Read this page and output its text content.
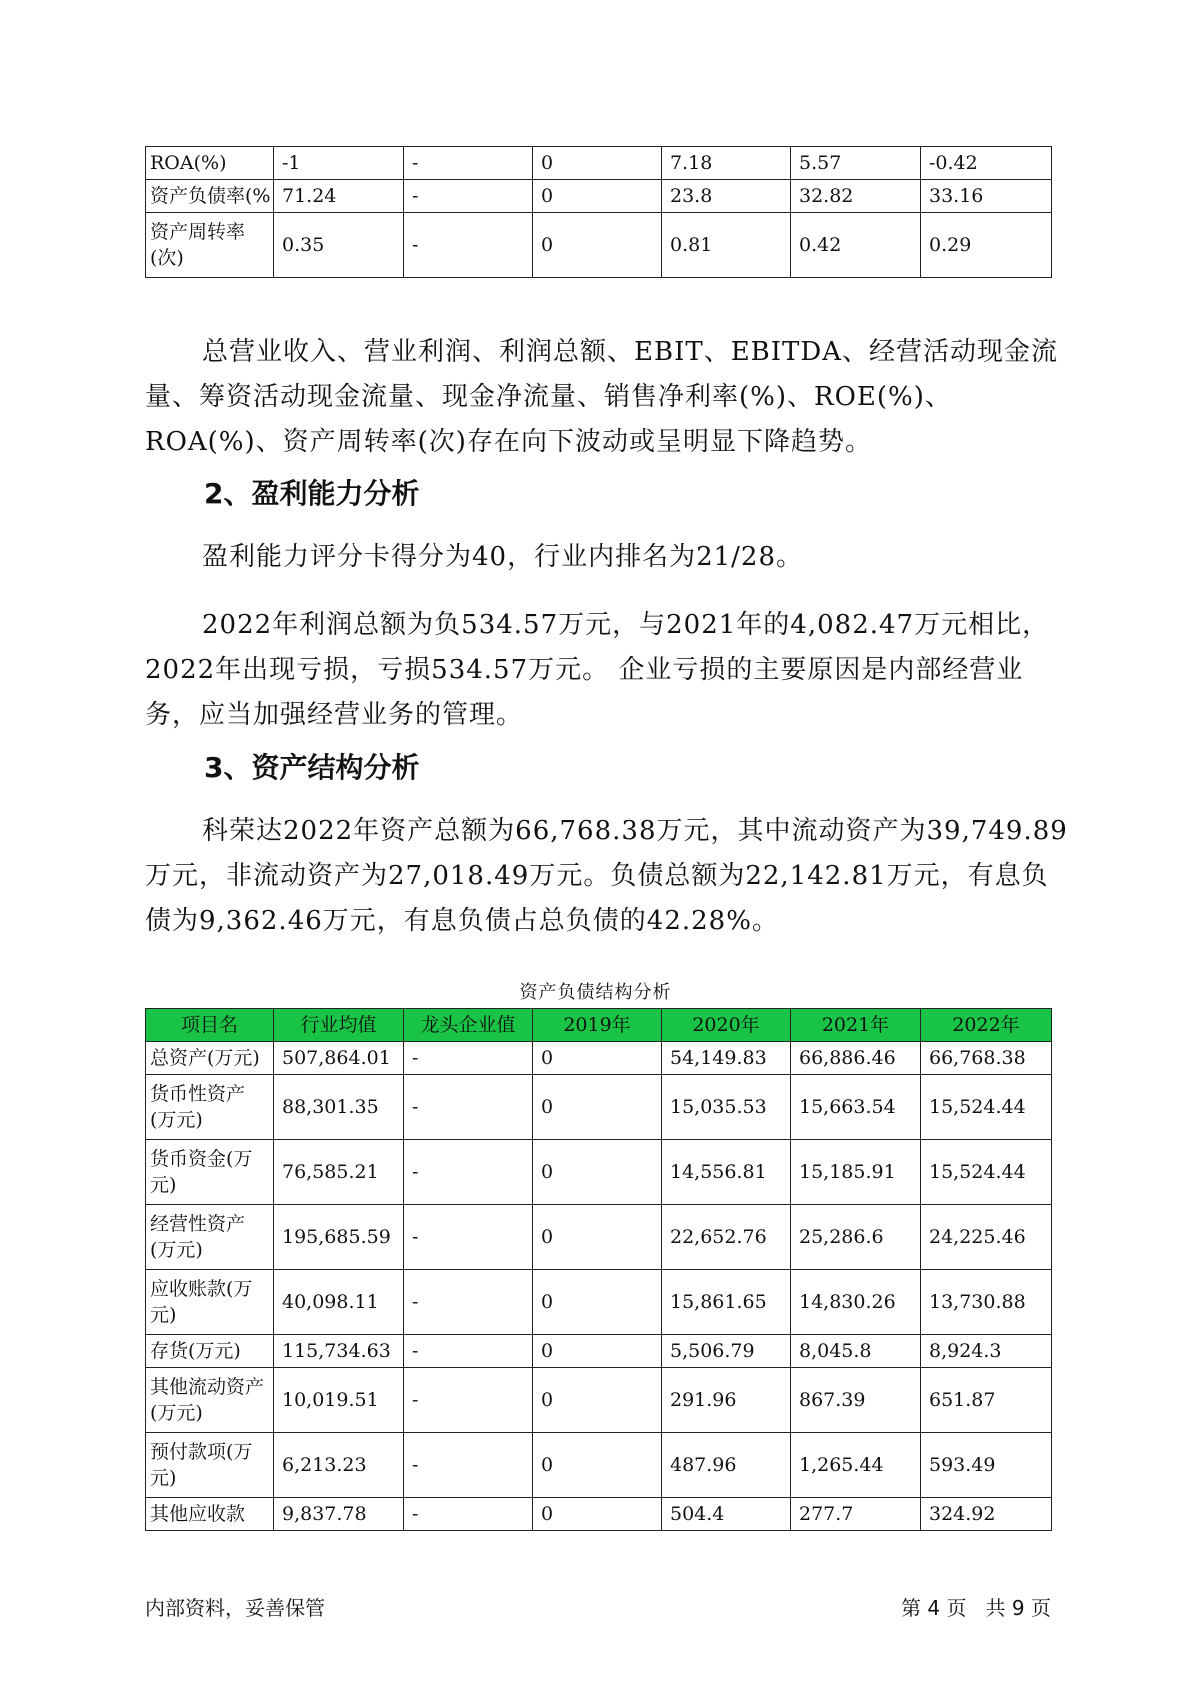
ROA(%)	-1	-	0	7.18	5.57	-0.42
资产负债率(%	71.24	-	0	23.8	32.82	33.16
资产周转率(次)	0.35	-	0	0.81	0.42	0.29

总营业收入、营业利润、利润总额、EBIT、EBITDA、经营活动现金流量、筹资活动现金流量、现金净流量、销售净利率(%)、ROE(%)、ROA(%)、资产周转率(次)存在向下波动或呈明显下降趋势。

2、盈利能力分析

盈利能力评分卡得分为40，行业内排名为21/28。

2022年利润总额为负534.57万元，与2021年的4,082.47万元相比，2022年出现亏损，亏损534.57万元。 企业亏损的主要原因是内部经营业务，应当加强经营业务的管理。

3、资产结构分析

科荣达2022年资产总额为66,768.38万元，其中流动资产为39,749.89万元，非流动资产为27,018.49万元。负债总额为22,142.81万元，有息负债为9,362.46万元，有息负债占总负债的42.28%。

资产负债结构分析
项目名	行业均值	龙头企业值	2019年	2020年	2021年	2022年
总资产(万元)	507,864.01	-	0	54,149.83	66,886.46	66,768.38
货币性资产(万元)	88,301.35	-	0	15,035.53	15,663.54	15,524.44
货币资金(万元)	76,585.21	-	0	14,556.81	15,185.91	15,524.44
经营性资产(万元)	195,685.59	-	0	22,652.76	25,286.6	24,225.46
应收账款(万元)	40,098.11	-	0	15,861.65	14,830.26	13,730.88
存货(万元)	115,734.63	-	0	5,506.79	8,045.8	8,924.3
其他流动资产(万元)	10,019.51	-	0	291.96	867.39	651.87
预付款项(万元)	6,213.23	-	0	487.96	1,265.44	593.49
其他应收款	9,837.78	-	0	504.4	277.7	324.92
内部资料，妥善保管	第 4 页   共 9 页
